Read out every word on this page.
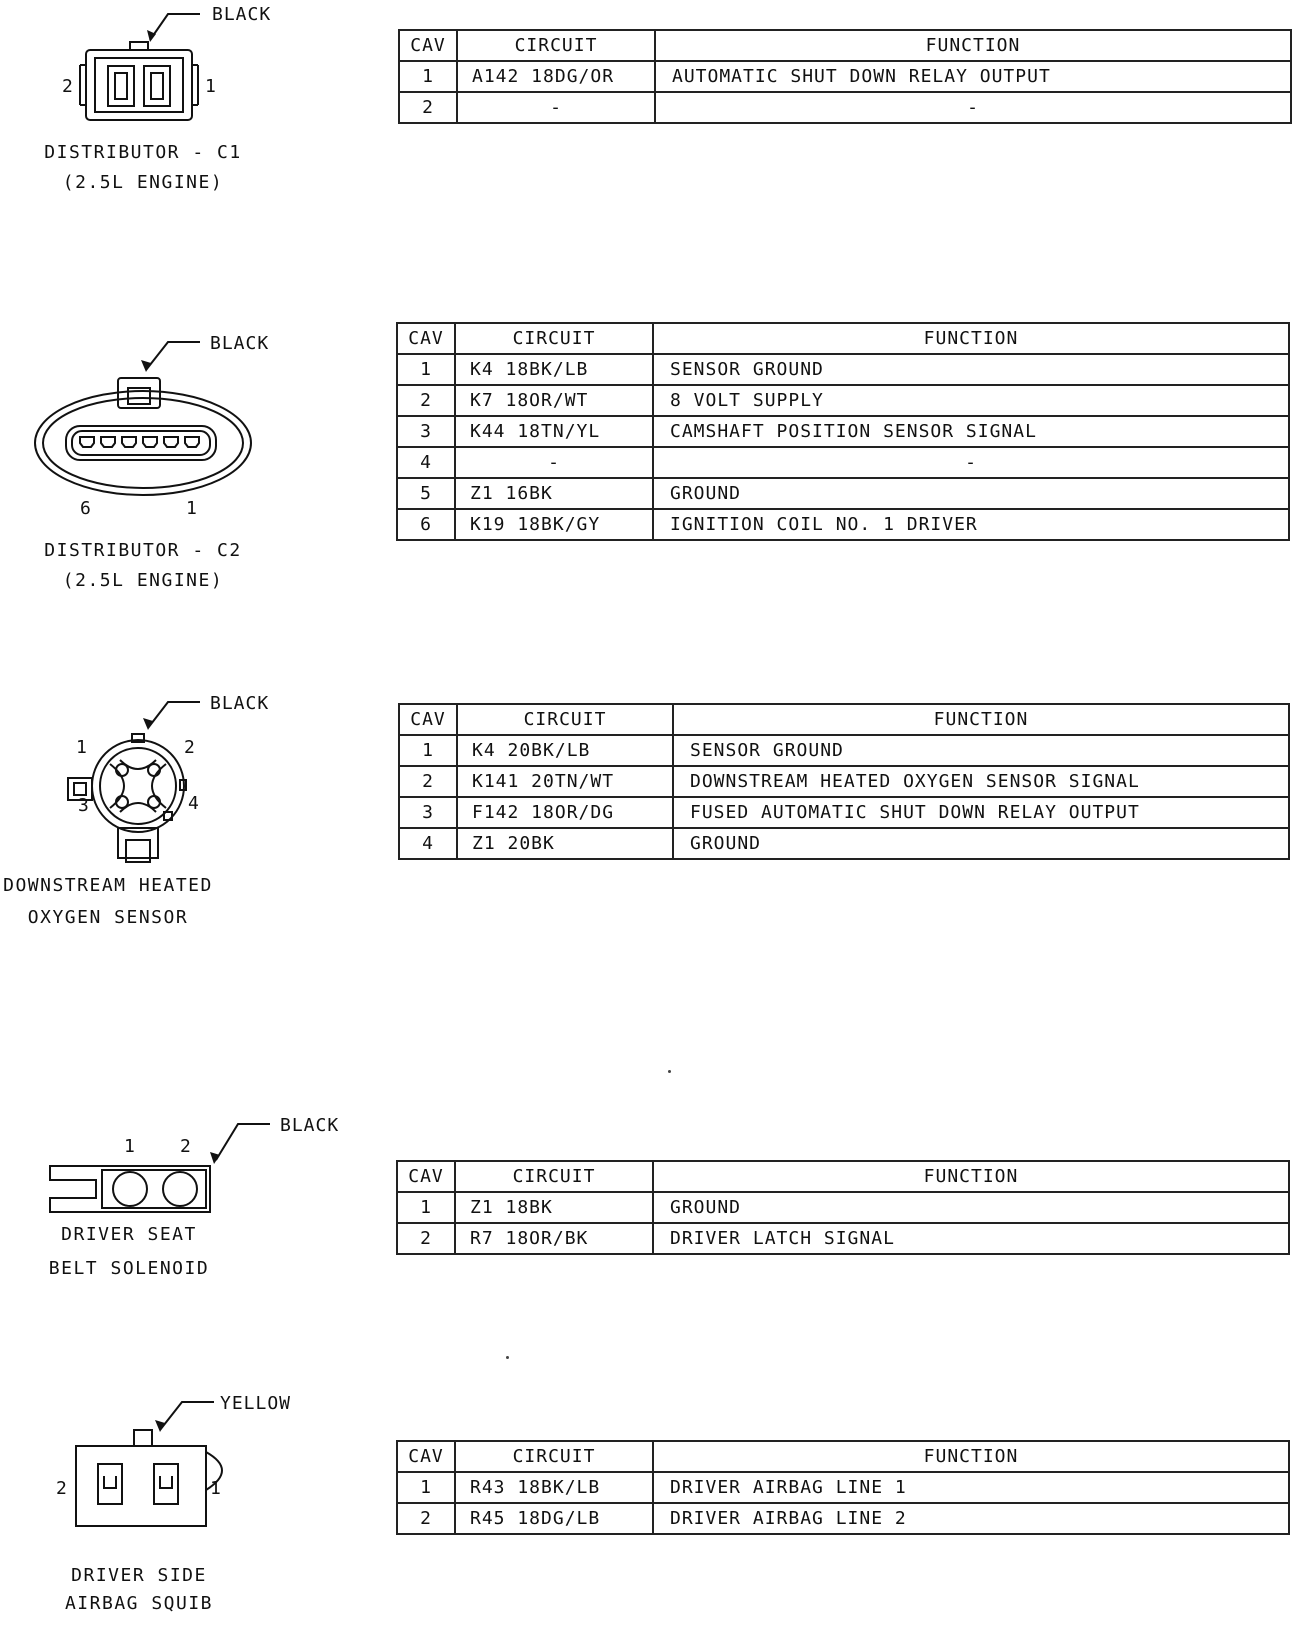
BLACK
2	1
DISTRIBUTOR - C1
(2.5L ENGINE)
CAV	CIRCUIT	FUNCTION
1	A142 18DG/OR	AUTOMATIC SHUT DOWN RELAY OUTPUT
2	-	-
BLACK
6	1
DISTRIBUTOR - C2
(2.5L ENGINE)
CAV	CIRCUIT	FUNCTION
1	K4 18BK/LB	SENSOR GROUND
2	K7 18OR/WT	8 VOLT SUPPLY
3	K44 18TN/YL	CAMSHAFT POSITION SENSOR SIGNAL
4	-	-
5	Z1 16BK	GROUND
6	K19 18BK/GY	IGNITION COIL NO. 1 DRIVER
BLACK
1	2
3	4
DOWNSTREAM HEATED
OXYGEN SENSOR
CAV	CIRCUIT	FUNCTION
1	K4 20BK/LB	SENSOR GROUND
2	K141 20TN/WT	DOWNSTREAM HEATED OXYGEN SENSOR SIGNAL
3	F142 18OR/DG	FUSED AUTOMATIC SHUT DOWN RELAY OUTPUT
4	Z1 20BK	GROUND
BLACK
1 2
DRIVER SEAT
BELT SOLENOID
CAV	CIRCUIT	FUNCTION
1	Z1 18BK	GROUND
2	R7 18OR/BK	DRIVER LATCH SIGNAL
YELLOW
2	1
DRIVER SIDE
AIRBAG SQUIB
CAV	CIRCUIT	FUNCTION
1	R43 18BK/LB	DRIVER AIRBAG LINE 1
2	R45 18DG/LB	DRIVER AIRBAG LINE 2
